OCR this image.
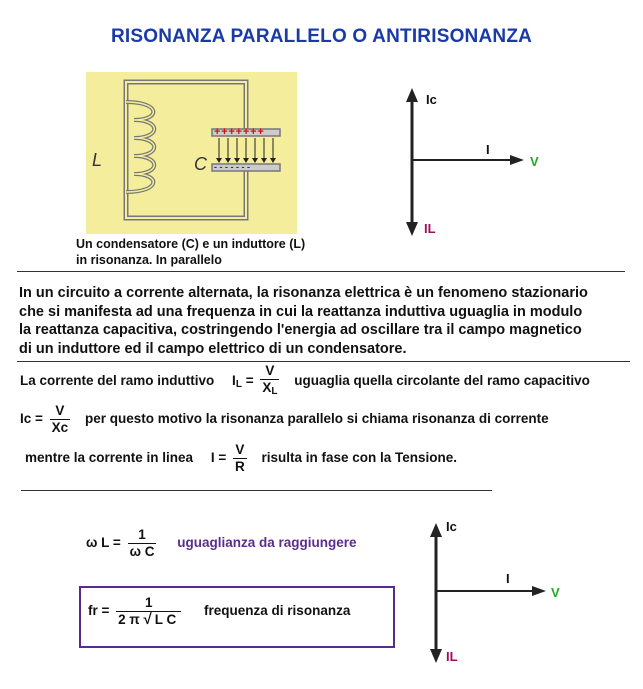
RISONANZA PARALLELO O ANTIRISONANZA
+++++++
- - - - - - -
L	C
Un condensatore (C) e un induttore (L)
in risonanza. In parallelo
Ic
I
V
IL
In un circuito a corrente alternata, la risonanza elettrica è un fenomeno stazionario
che si manifesta ad una frequenza in cui la reattanza induttiva uguaglia in modulo
la reattanza capacitiva, costringendo l'energia ad oscillare tra il campo magnetico
di un induttore ed il campo elettrico di un condensatore.
La corrente del ramo induttivo $I_L = \frac{V}{X_L}$ uguaglia quella circolante del ramo capacitivo
$Ic = \frac{V}{Xc}$ per questo motivo la risonanza parallelo si chiama risonanza di corrente
mentre la corrente in linea $I = \frac{V}{R}$ risulta in fase con la Tensione.
ω $L = \frac{1}{\text{ω C}}$ uguaglianza da raggiungere
fr = $\frac{1}{\text{2 π √ L C}}$ frequenza di risonanza
Ic
I
V
IL
